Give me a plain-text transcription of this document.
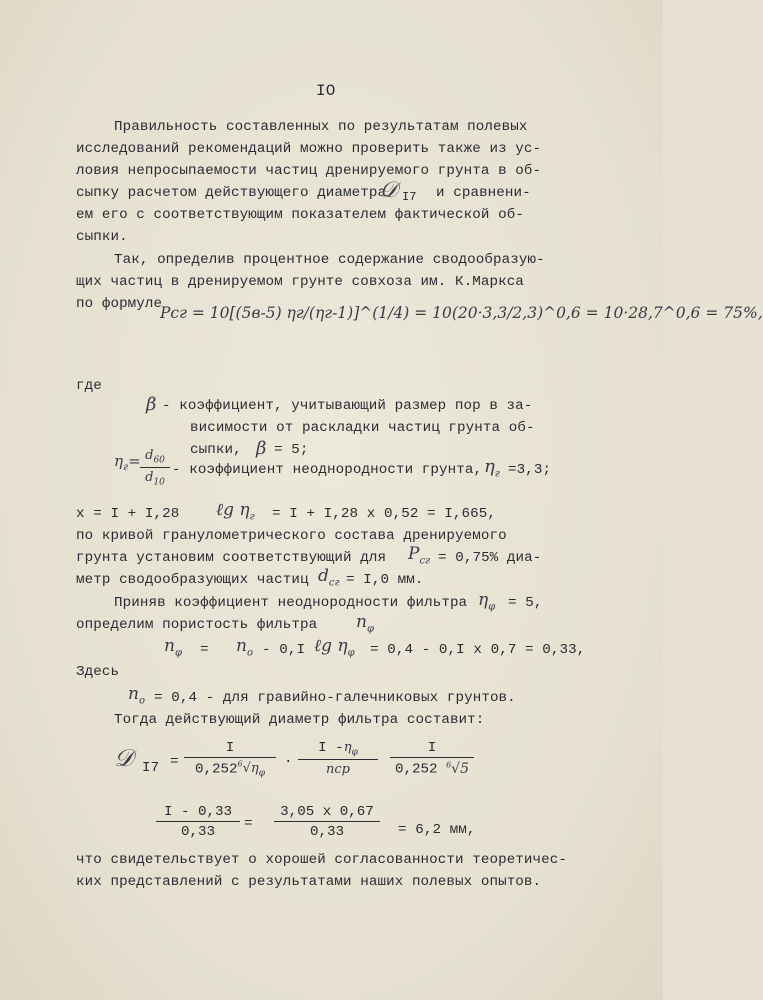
IO
Правильность составленных по результатам полевых
исследований рекомендаций можно проверить также из ус-
ловия непросыпаемости частиц дренируемого грунта в об-
сыпку расчетом действующего диаметра
𝒟 I7 и сравнени-
ем его с соответствующим показателем фактической об-
сыпки.
Так, определив процентное содержание сводообразую-
щих частиц в дренируемом грунте совхоза им. К.Маркса
по формуле
Pсг = 10[(5в-5) ηг/(ηг-1)]^(1/4) = 10(20·3,3/2,3)^0,6 = 10·28,7^0,6 = 75%,
где
β - коэффициент, учитывающий размер пор в за-
висимости от раскладки частиц грунта об-
сыпки, β = 5;
$\eta_г= d_{60}$
$d_{10}$
- коэффициент неоднородности грунта, $\eta_г =3,3$;
x = I + I,28 ℓg $\eta_г = I + I,28$ x 0,52 = I,665,
по кривой гранулометрического состава дренируемого
грунта установим соответствующий для $P_{сг} = 0,75\%$ диа-
метр сводообразующих частиц $d_{сг} = I,0$ мм.
Приняв коэффициент неоднородности фильтра $\eta_\varphi = 5$,
определим пористость фильтра $n_\varphi$
$n_\varphi = n_o - 0,I$ ℓg $\eta_\varphi = 0,4 - 0,I$ x 0,7 = 0,33,
Здесь
$n_o = 0,4$ - для гравийно-галечниковых грунтов.
Тогда действующий диаметр фильтра составит:
𝒟 I7 =
I
$0,252^6√\eta_\varphi$
·
I $-\eta_\varphi$
nср
I
0,252 $^6$√5
I - 0,33
0,33	=
3,05 x 0,67
0,33	= 6,2 мм,
что свидетельствует о хорошей согласованности теоретичес-
ких представлений с результатами наших полевых опытов.
